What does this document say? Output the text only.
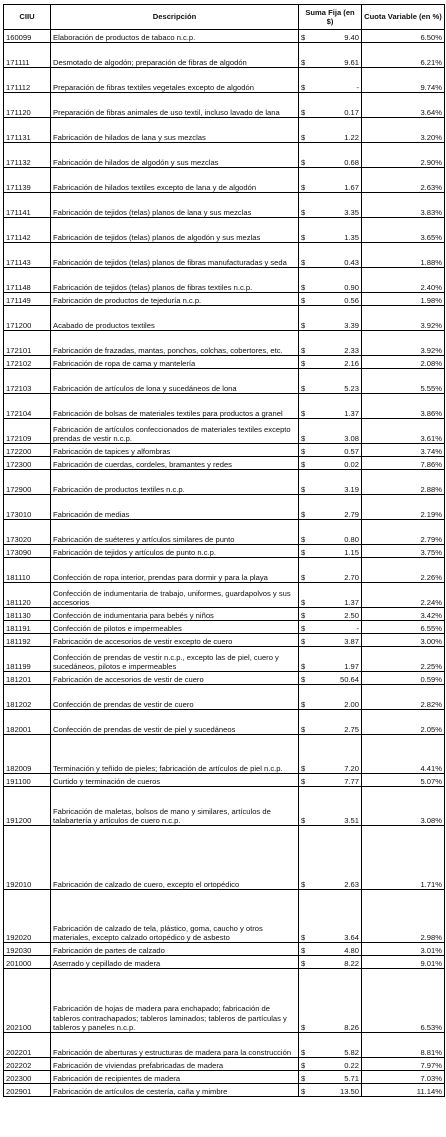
CIIU	Descripción	Suma Fija (en $)	Cuota Variable (en %)
160099	Elaboración de productos de tabaco n.c.p.	$ 9.40	6.50%
171111	Desmotado de algodón; preparación de fibras de algodón	$ 9.61	6.21%
171112	Preparación de fibras textiles vegetales excepto de algodón	$ -	9.74%
171120	Preparación de fibras animales de uso textil, incluso lavado de lana	$ 0.17	3.64%
171131	Fabricación de hilados de lana y sus mezclas	$ 1.22	3.20%
171132	Fabricación de hilados de algodón y sus mezclas	$ 0.68	2.90%
171139	Fabricación de hilados textiles excepto de lana y de algodón	$ 1.67	2.63%
171141	Fabricación de tejidos (telas) planos de lana y sus mezclas	$ 3.35	3.83%
171142	Fabricación de tejidos (telas) planos de algodón y sus mezlas	$ 1.35	3.65%
171143	Fabricación de tejidos (telas) planos de fibras manufacturadas y seda	$ 0.43	1.88%
171148	Fabricación de tejidos (telas) planos de fibras textiles n.c.p.	$ 0.90	2.40%
171149	Fabricación de productos de tejeduría n.c.p.	$ 0.56	1.98%
171200	Acabado de productos textiles	$ 3.39	3.92%
172101	Fabricación de frazadas, mantas, ponchos, colchas, cobertores, etc.	$ 2.33	3.92%
172102	Fabricación de ropa de cama y mantelería	$ 2.16	2.08%
172103	Fabricación de artículos de lona y sucedáneos de lona	$ 5.23	5.55%
172104	Fabricación de bolsas de materiales textiles para productos a granel	$ 1.37	3.86%
172109	Fabricación de artículos confeccionados de materiales textiles excepto prendas de vestir n.c.p.	$ 3.08	3.61%
172200	Fabricación de tapices y alfombras	$ 0.57	3.74%
172300	Fabricación de cuerdas, cordeles, bramantes y redes	$ 0.02	7.86%
172900	Fabricación de productos textiles n.c.p.	$ 3.19	2.88%
173010	Fabricación de medias	$ 2.79	2.19%
173020	Fabricación de suéteres y artículos similares de punto	$ 0.80	2.79%
173090	Fabricación de tejidos y artículos de punto n.c.p.	$ 1.15	3.75%
181110	Confección de ropa interior, prendas para dormir y para la playa	$ 2.70	2.26%
181120	Confección de indumentaria de trabajo, uniformes, guardapolvos y sus accesorios	$ 1.37	2.24%
181130	Confección de indumentaria para bebés y niños	$ 2.50	3.42%
181191	Confección de pilotos e impermeables	$ -	6.55%
181192	Fabricación de accesorios de vestir excepto de cuero	$ 3.87	3.00%
181199	Confección de prendas de vestir n.c.p., excepto las de piel, cuero y sucedáneos, pilotos e impermeables	$ 1.97	2.25%
181201	Fabricación de accesorios de vestir de cuero	$ 50.64	0.59%
181202	Confección de prendas de vestir de cuero	$ 2.00	2.82%
182001	Confección de prendas de vestir de piel y sucedáneos	$ 2.75	2.05%
182009	Terminación y teñido de pieles; fabricación de artículos de piel n.c.p.	$ 7.20	4.41%
191100	Curtido y terminación de cueros	$ 7.77	5.07%
191200	Fabricación de maletas, bolsos de mano y similares, artículos de talabartería y artículos de cuero n.c.p.	$ 3.51	3.08%
192010	Fabricación de calzado de cuero, excepto el ortopédico	$ 2.63	1.71%
192020	Fabricación de calzado de tela, plástico, goma, caucho y otros materiales, excepto calzado ortopédico y de asbesto	$ 3.64	2.98%
192030	Fabricación de partes de calzado	$ 4.80	3.01%
201000	Aserrado y cepillado de madera	$ 8.22	9.01%
202100	Fabricación de hojas de madera para enchapado; fabricación de tableros contrachapados; tableros laminados; tableros de partículas y tableros y paneles n.c.p.	$ 8.26	6.53%
202201	Fabricación de aberturas y estructuras de madera para la construcción	$ 5.82	8.81%
202202	Fabricación de viviendas prefabricadas de madera	$ 0.22	7.97%
202300	Fabricación de recipientes de madera	$ 5.71	7.03%
202901	Fabricación de artículos de cestería, caña y mimbre	$ 13.50	11.14%
